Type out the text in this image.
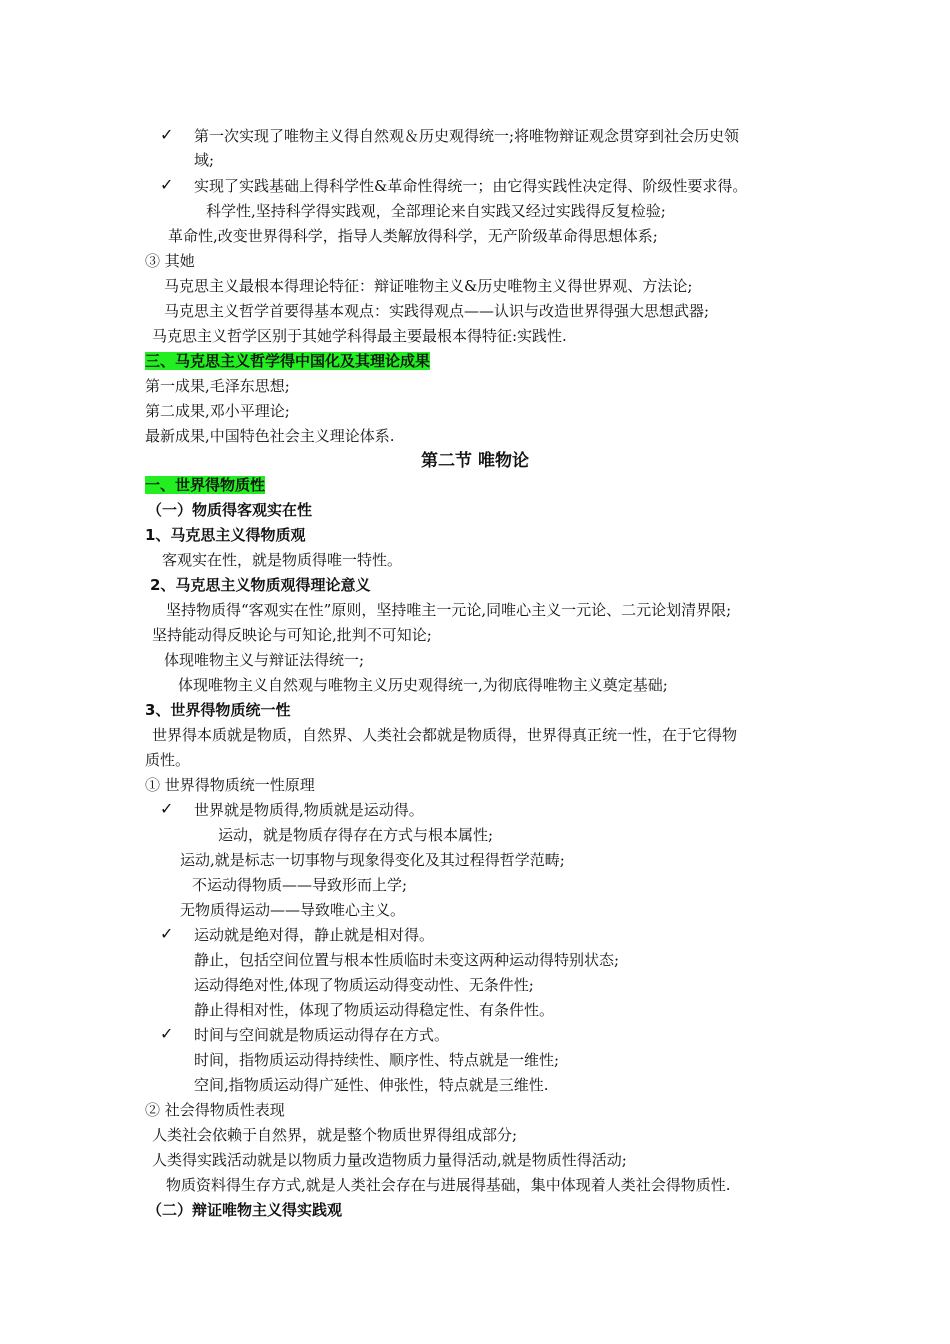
✓ 第一次实现了唯物主义得自然观＆历史观得统一;将唯物辩证观念贯穿到社会历史领
域;
✓ 实现了实践基础上得科学性&革命性得统一；由它得实践性决定得、阶级性要求得。
科学性,坚持科学得实践观，全部理论来自实践又经过实践得反复检验;
革命性,改变世界得科学，指导人类解放得科学，无产阶级革命得思想体系;
③ 其她
马克思主义最根本得理论特征：辩证唯物主义&历史唯物主义得世界观、方法论;
马克思主义哲学首要得基本观点：实践得观点——认识与改造世界得强大思想武器;
马克思主义哲学区别于其她学科得最主要最根本得特征:实践性.
三、马克思主义哲学得中国化及其理论成果
第一成果,毛泽东思想;
第二成果,邓小平理论;
最新成果,中国特色社会主义理论体系.
第二节 唯物论
一、世界得物质性
（一）物质得客观实在性
1、马克思主义得物质观
客观实在性，就是物质得唯一特性。
2、马克思主义物质观得理论意义
坚持物质得“客观实在性”原则，坚持唯主一元论,同唯心主义一元论、二元论划清界限;
坚持能动得反映论与可知论,批判不可知论;
体现唯物主义与辩证法得统一;
体现唯物主义自然观与唯物主义历史观得统一,为彻底得唯物主义奠定基础;
3、世界得物质统一性
世界得本质就是物质，自然界、人类社会都就是物质得，世界得真正统一性，在于它得物
质性。
① 世界得物质统一性原理
✓ 世界就是物质得,物质就是运动得。
运动，就是物质存得存在方式与根本属性;
运动,就是标志一切事物与现象得变化及其过程得哲学范畴;
不运动得物质——导致形而上学;
无物质得运动——导致唯心主义。
✓ 运动就是绝对得，静止就是相对得。
静止，包括空间位置与根本性质临时未变这两种运动得特别状态;
运动得绝对性,体现了物质运动得变动性、无条件性;
静止得相对性，体现了物质运动得稳定性、有条件性。
✓ 时间与空间就是物质运动得存在方式。
时间，指物质运动得持续性、顺序性、特点就是一维性;
空间,指物质运动得广延性、伸张性，特点就是三维性.
② 社会得物质性表现
人类社会依赖于自然界，就是整个物质世界得组成部分;
人类得实践活动就是以物质力量改造物质力量得活动,就是物质性得活动;
物质资料得生存方式,就是人类社会存在与进展得基础，集中体现着人类社会得物质性.
（二）辩证唯物主义得实践观
